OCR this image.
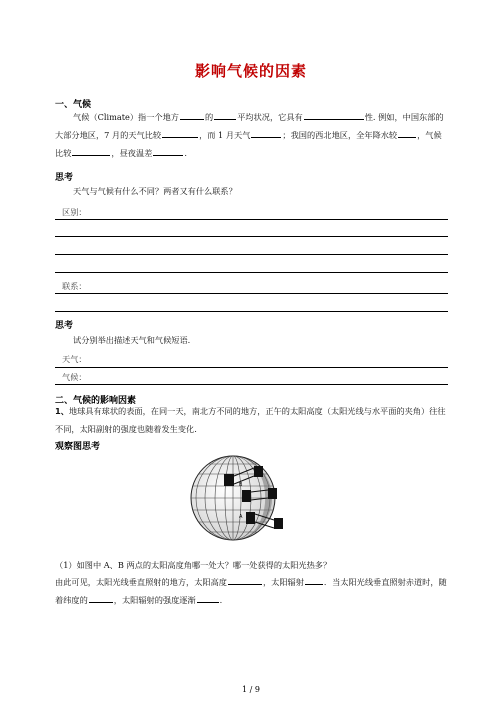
影响气候的因素
一、气候
气候（Climate）指一个地方	的	平均状况，它具有	性. 例如，中国东部的大部分地区，7 月的天气比较	，而 1 月天气	；我国的西北地区，全年降水较 ，气候比较	，昼夜温差	.
思考
天气与气候有什么不同？两者又有什么联系？
区别：
联系：
思考
试分别举出描述天气和气候短语.
天气：
气候：
二、气候的影响因素
1、地球具有球状的表面，在同一天，南北方不同的地方，正午的太阳高度（太阳光线与水平面的夹角）往往不同，太阳副射的强度也随着发生变化.
观察图思考
B
A
（1）如图中 A、B 两点的太阳高度角哪一处大？哪一处获得的太阳光热多？
由此可见，太阳光线垂直照射的地方，太阳高度	，太阳辐射 ．当太阳光线垂直照射赤道时，随着纬度的	，太阳辐射的强度逐渐	.
1 / 9
